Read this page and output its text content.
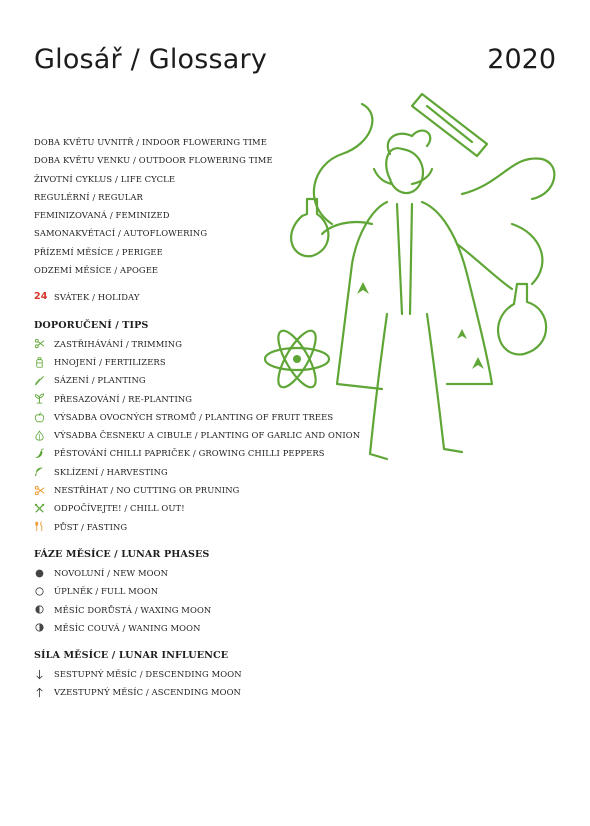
Glosář / Glossary	2020
DOBA KVĚTU UVNITŘ / INDOOR FLOWERING TIME
DOBA KVĚTU VENKU / OUTDOOR FLOWERING TIME
ŽIVOTNÍ CYKLUS / LIFE CYCLE
REGULÉRNÍ / REGULAR
FEMINIZOVANÁ / FEMINIZED
SAMONAKVÉTACÍ / AUTOFLOWERING
PŘÍZEMÍ MĚSÍCE / PERIGEE
ODZEMÍ MĚSÍCE / APOGEE
24 SVÁTEK / HOLIDAY
DOPORUČENÍ / TIPS
ZASTŘIHÁVÁNÍ / TRIMMING
HNOJENÍ / FERTILIZERS
SÁZENÍ / PLANTING
PŘESAZOVÁNÍ / RE-PLANTING
VÝSADBA OVOCNÝCH STROMŮ / PLANTING OF FRUIT TREES
VÝSADBA ČESNEKU A CIBULE / PLANTING OF GARLIC AND ONION
PĚSTOVÁNÍ CHILLI PAPRIČEK / GROWING CHILLI PEPPERS
SKLÍZENÍ / HARVESTING
NESTŘÍHAT / NO CUTTING OR PRUNING
ODPOČÍVEJTE! / CHILL OUT!
PŮST / FASTING
FÁZE MĚSÍCE / LUNAR PHASES
NOVOLUNÍ / NEW MOON
ÚPLNĚK / FULL MOON
MĚSÍC DORŮSTÁ / WAXING MOON
MĚSÍC COUVÁ / WANING MOON
SÍLA MĚSÍCE / LUNAR INFLUENCE
SESTUPNÝ MĚSÍC / DESCENDING MOON
VZESTUPNÝ MĚSÍC / ASCENDING MOON
